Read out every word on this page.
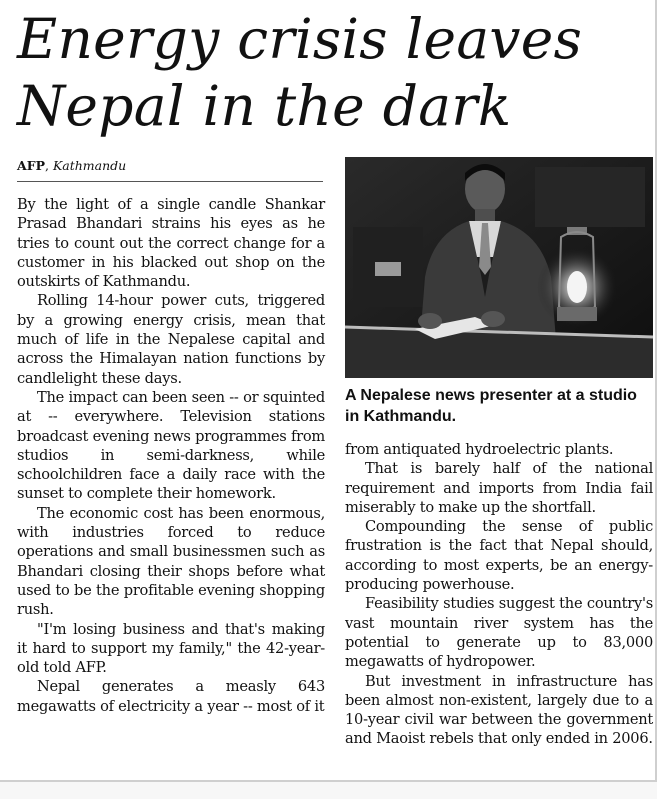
Energy crisis leaves
Nepal in the dark
AFP, Kathmandu

By the light of a single candle Shankar Prasad Bhandari strains his eyes as he tries to count out the correct change for a customer in his blacked out shop on the outskirts of Kathmandu.

Rolling 14-hour power cuts, triggered by a growing energy crisis, mean that much of life in the Nepalese capital and across the Himalayan nation functions by candlelight these days.

The impact can been seen -- or squinted at -- everywhere. Television stations broadcast evening news programmes from studios in semi-darkness, while schoolchildren face a daily race with the sunset to complete their homework.

The economic cost has been enormous, with industries forced to reduce operations and small businessmen such as Bhandari closing their shops before what used to be the profitable evening shopping rush.

"I'm losing business and that's making it hard to support my family," the 42-year-old told AFP.

Nepal generates a measly 643 megawatts of electricity a year -- most of it

A Nepalese news presenter at a studio in Kathmandu.

from antiquated hydroelectric plants.

That is barely half of the national requirement and imports from India fail miserably to make up the shortfall.

Compounding the sense of public frustration is the fact that Nepal should, according to most experts, be an energy-producing powerhouse.

Feasibility studies suggest the country's vast mountain river system has the potential to generate up to 83,000 megawatts of hydropower.

But investment in infrastructure has been almost non-existent, largely due to a 10-year civil war between the government and Maoist rebels that only ended in 2006.
